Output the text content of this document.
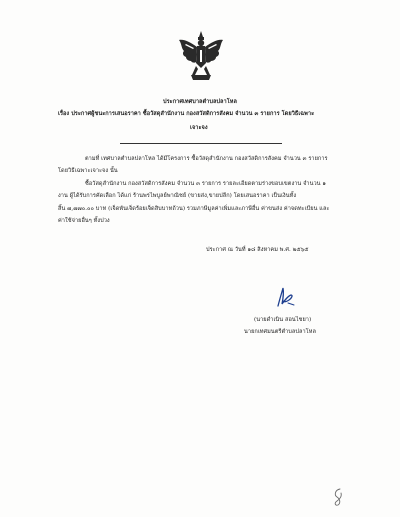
ประกาศเทศบาลตำบลปลาโหล
เรื่อง ประกาศผู้ชนะการเสนอราคา ซื้อวัสดุสำนักงาน กองสวัสดิการสังคม จำนวน ๓ รายการ โดยวิธีเฉพาะ
เจาะจง
ตามที่ เทศบาลตำบลปลาโหล ได้มีโครงการ ซื้อวัสดุสำนักงาน กองสวัสดิการสังคม จำนวน ๓ รายการ
โดยวิธีเฉพาะเจาะจง นั้น
ซื้อวัสดุสำนักงาน กองสวัสดิการสังคม จำนวน ๓ รายการ รายละเอียดตามร่างขอบเขตงาน จำนวน ๑
งาน ผู้ได้รับการคัดเลือก ได้แก่ ร้านพรไพบูลย์พาณิชย์ (ขายส่ง,ขายปลีก) โดยเสนอราคา เป็นเงินทั้ง
สิ้น ๗,๗๗๐.๐๐ บาท (เจ็ดพันเจ็ดร้อยเจ็ดสิบบาทถ้วน) รวมภาษีมูลค่าเพิ่มและภาษีอื่น ค่าขนส่ง ค่าจดทะเบียน และ
ค่าใช้จ่ายอื่นๆ ทั้งปวง
ประกาศ ณ วันที่ ๑๘ สิงหาคม พ.ศ. ๒๕๖๕
(นายดำเนิน สอนไชยา)
นายกเทศมนตรีตำบลปลาโหล
